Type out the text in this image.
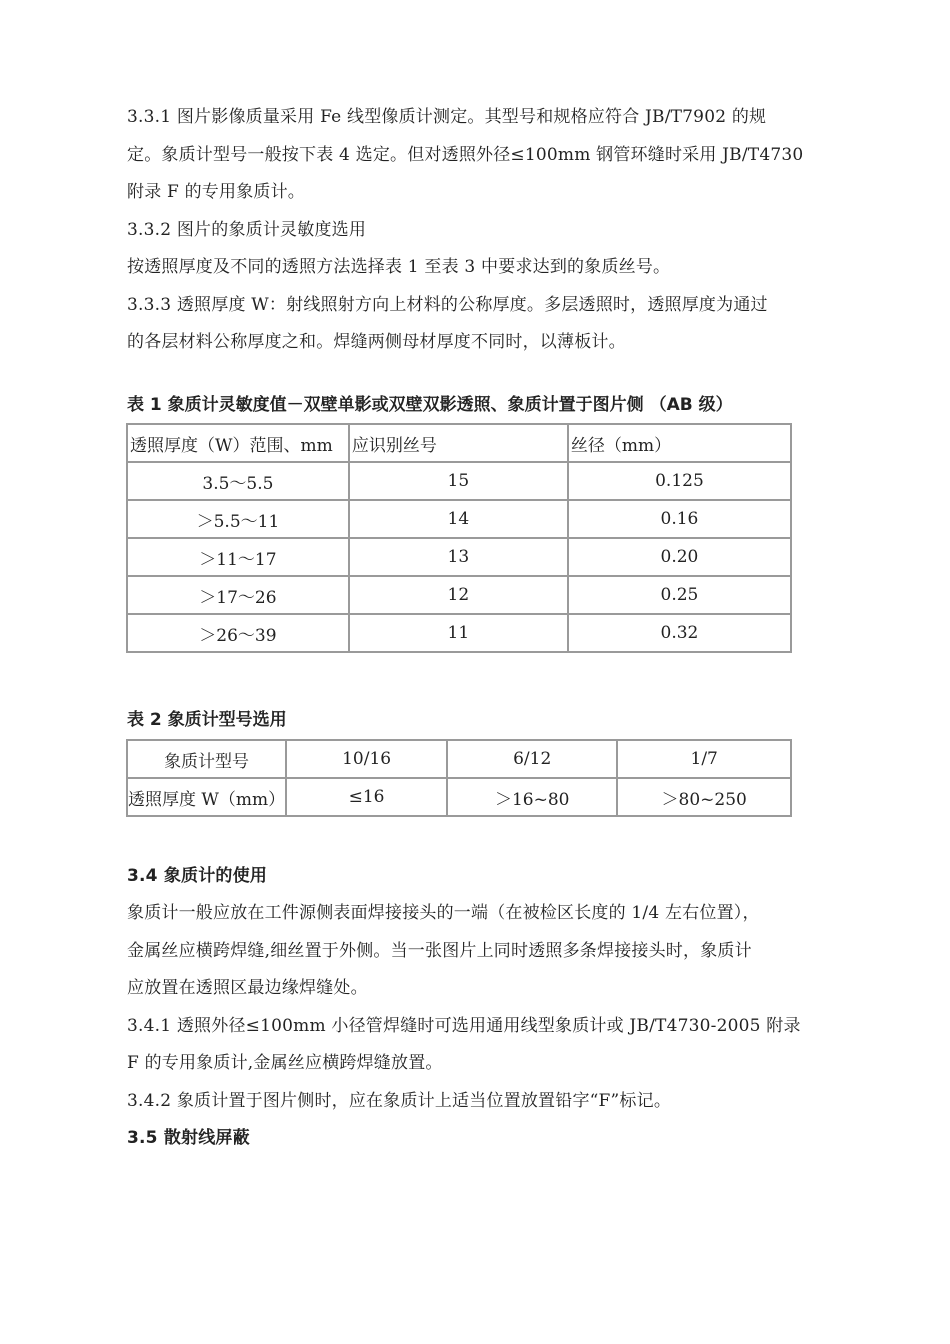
3.3.1 图片影像质量采用 Fe 线型像质计测定。其型号和规格应符合 JB/T7902 的规
定。象质计型号一般按下表 4 选定。但对透照外径≤100mm 钢管环缝时采用 JB/T4730
附录 F 的专用象质计。
3.3.2 图片的象质计灵敏度选用
按透照厚度及不同的透照方法选择表 1 至表 3 中要求达到的象质丝号。
3.3.3 透照厚度 W：射线照射方向上材料的公称厚度。多层透照时，透照厚度为通过
的各层材料公称厚度之和。焊缝两侧母材厚度不同时，以薄板计。
表 1 象质计灵敏度值－双壁单影或双壁双影透照、象质计置于图片侧 （AB 级）
透照厚度（W）范围、mm	应识别丝号	丝径（mm）
3.5～5.5	15	0.125
＞5.5～11	14	0.16
＞11～17	13	0.20
＞17～26	12	0.25
＞26～39	11	0.32
表 2 象质计型号选用
象质计型号	10/16	6/12	1/7
透照厚度 W（mm）	≤16	＞16~80	＞80~250
3.4 象质计的使用
象质计一般应放在工件源侧表面焊接接头的一端（在被检区长度的 1/4 左右位置），
金属丝应横跨焊缝,细丝置于外侧。当一张图片上同时透照多条焊接接头时，象质计
应放置在透照区最边缘焊缝处。
3.4.1 透照外径≤100mm 小径管焊缝时可选用通用线型象质计或 JB/T4730-2005 附录
F 的专用象质计,金属丝应横跨焊缝放置。
3.4.2 象质计置于图片侧时，应在象质计上适当位置放置铅字“F”标记。
3.5 散射线屏蔽
